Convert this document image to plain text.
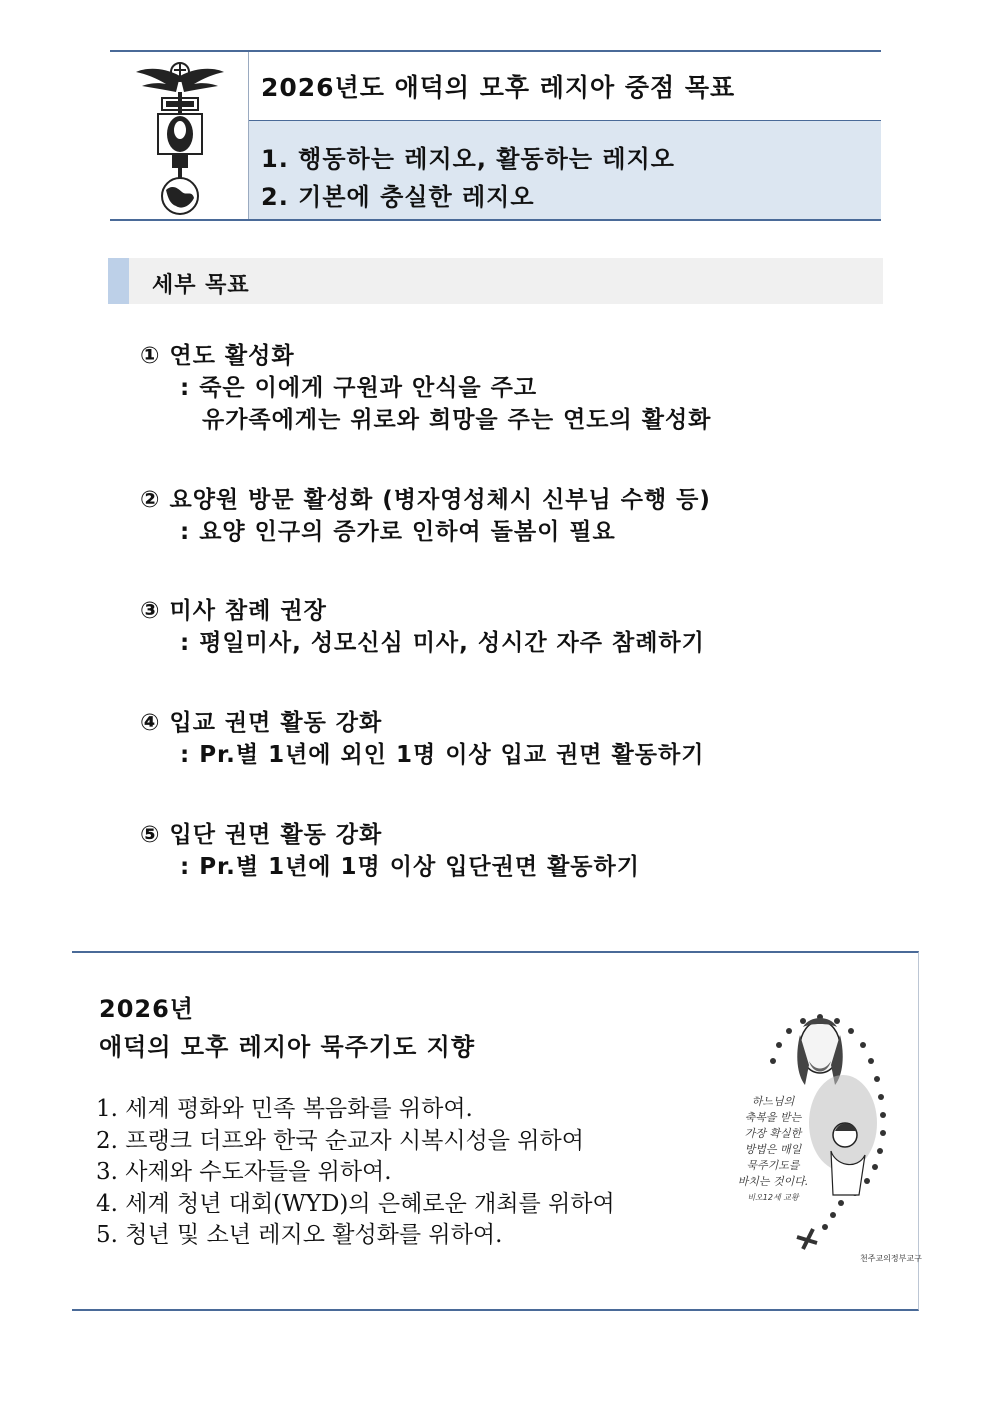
2026년도 애덕의 모후 레지아 중점 목표
1. 행동하는 레지오, 활동하는 레지오
2. 기본에 충실한 레지오
세부 목표
① 연도 활성화
: 죽은 이에게 구원과 안식을 주고
유가족에게는 위로와 희망을 주는 연도의 활성화
② 요양원 방문 활성화 (병자영성체시 신부님 수행 등)
: 요양 인구의 증가로 인하여 돌봄이 필요
③ 미사 참례 권장
: 평일미사, 성모신심 미사, 성시간 자주 참례하기
④ 입교 권면 활동 강화
: Pr.별 1년에 외인 1명 이상 입교 권면 활동하기
⑤ 입단 권면 활동 강화
: Pr.별 1년에 1명 이상 입단권면 활동하기
2026년
애덕의 모후 레지아 묵주기도 지향
1. 세계 평화와 민족 복음화를 위하여.
2. 프랭크 더프와 한국 순교자 시복시성을 위하여
3. 사제와 수도자들을 위하여.
4. 세계 청년 대회(WYD)의 은혜로운 개최를 위하여
5. 청년 및 소년 레지오 활성화를 위하여.
하느님의
축복을 받는
가장 확실한
방법은 매일
묵주기도를
바치는 것이다.
비오12세 교황
천주교의정부교구
